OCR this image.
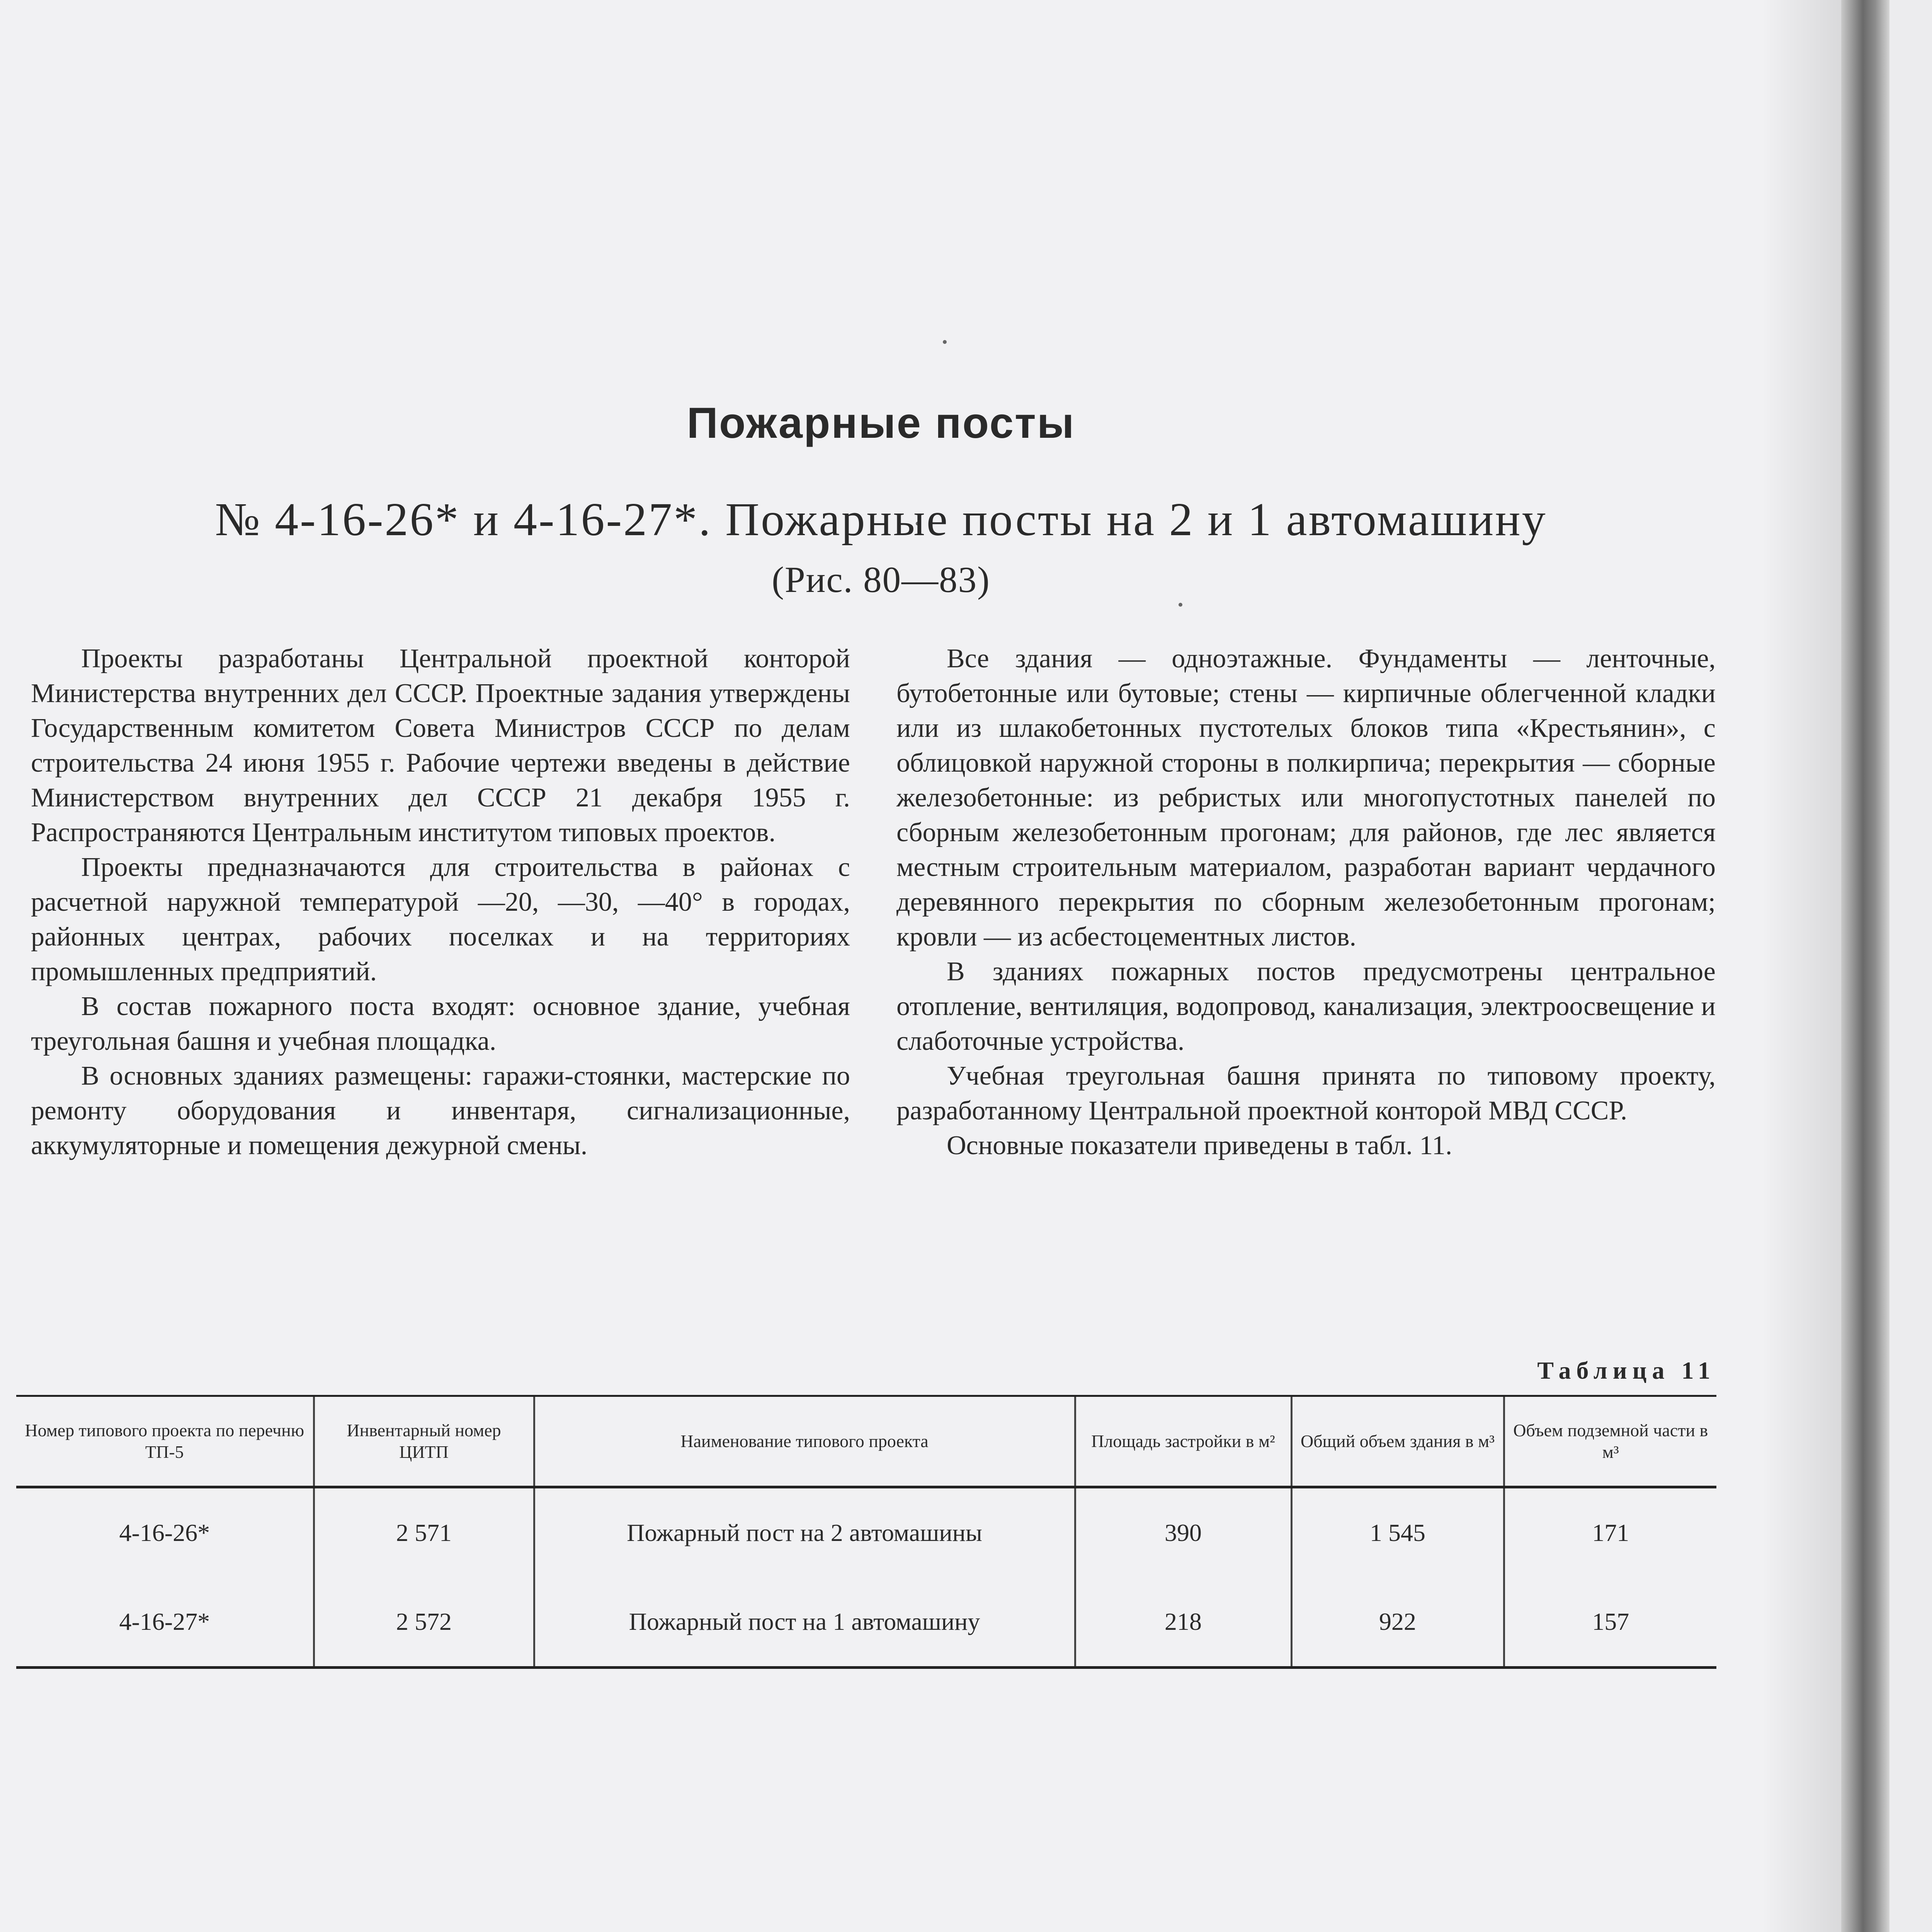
Пожарные посты
№ 4-16-26* и 4-16-27*. Пожарные посты на 2 и 1 автомашину
(Рис. 80—83)

Проекты разработаны Центральной проектной конторой Министерства внутренних дел СССР. Проектные задания утверждены Государственным комитетом Совета Министров СССР по делам строительства 24 июня 1955 г. Рабочие чертежи введены в действие Министерством внутренних дел СССР 21 декабря 1955 г. Распространяются Центральным институтом типовых проектов.

Проекты предназначаются для строительства в районах с расчетной наружной температурой —20, —30, —40° в городах, районных центрах, рабочих поселках и на территориях промышленных предприятий.

В состав пожарного поста входят: основное здание, учебная треугольная башня и учебная площадка.

В основных зданиях размещены: гаражи-стоянки, мастерские по ремонту оборудования и инвентаря, сигнализационные, аккумуляторные и помещения дежурной смены.

Все здания — одноэтажные. Фундаменты — ленточные, бутобетонные или бутовые; стены — кирпичные облегченной кладки или из шлакобетонных пустотелых блоков типа «Крестьянин», с облицовкой наружной стороны в полкирпича; перекрытия — сборные железобетонные: из ребристых или многопустотных панелей по сборным железобетонным прогонам; для районов, где лес является местным строительным материалом, разработан вариант чердачного деревянного перекрытия по сборным железобетонным прогонам; кровли — из асбестоцементных листов.

В зданиях пожарных постов предусмотрены центральное отопление, вентиляция, водопровод, канализация, электроосвещение и слаботочные устройства.

Учебная треугольная башня принята по типовому проекту, разработанному Центральной проектной конторой МВД СССР.

Основные показатели приведены в табл. 11.

Таблица 11
Номер типового проекта по перечню ТП-5	Инвентарный номер ЦИТП	Наименование типового проекта	Площадь застройки в м²	Общий объем здания в м³	Объем подземной части в м³
4-16-26*	2 571	Пожарный пост на 2 автомашины	390	1 545	171
4-16-27*	2 572	Пожарный пост на 1 автомашину	218	922	157
